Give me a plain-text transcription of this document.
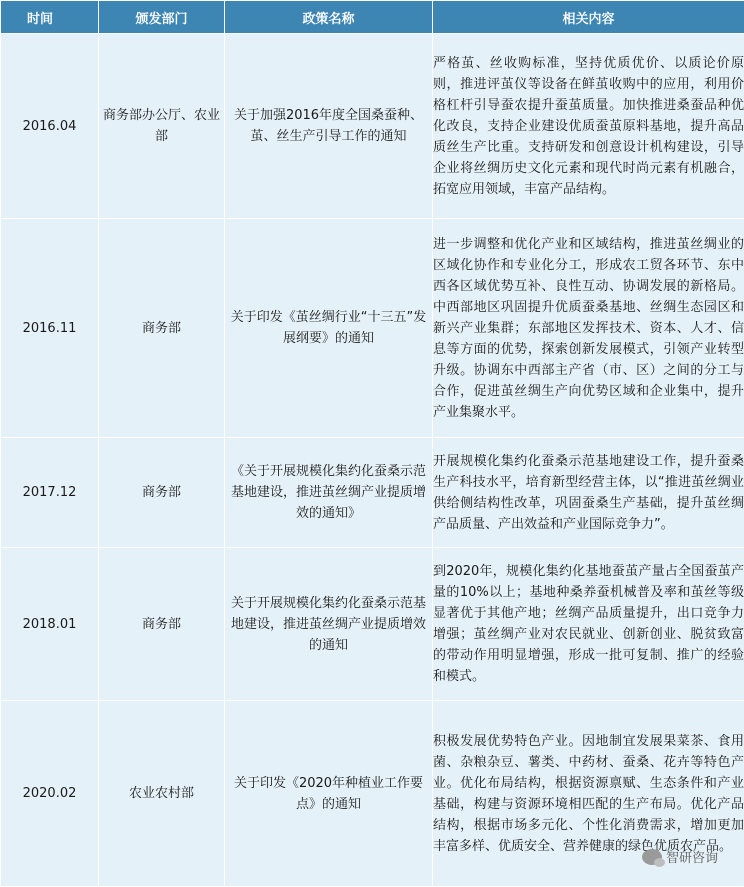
时间	颁发部门	政策名称	相关内容
2016.04	商务部办公厅、农业部	关于加强2016年度全国桑蚕种、茧、丝生产引导工作的通知	严格茧、丝收购标准，坚持优质优价、以质论价原则，推进评茧仪等设备在鲜茧收购中的应用，利用价格杠杆引导蚕农提升蚕茧质量。加快推进桑蚕品种优化改良，支持企业建设优质蚕茧原料基地，提升高品质丝生产比重。支持研发和创意设计机构建设，引导企业将丝绸历史文化元素和现代时尚元素有机融合，拓宽应用领域，丰富产品结构。
2016.11	商务部	关于印发《茧丝绸行业“十三五”发展纲要》的通知	进一步调整和优化产业和区域结构，推进茧丝绸业的区域化协作和专业化分工，形成农工贸各环节、东中西各区域优势互补、良性互动、协调发展的新格局。中西部地区巩固提升优质蚕桑基地、丝绸生态园区和新兴产业集群；东部地区发挥技术、资本、人才、信息等方面的优势，探索创新发展模式，引领产业转型升级。协调东中西部主产省（市、区）之间的分工与合作，促进茧丝绸生产向优势区域和企业集中，提升产业集聚水平。
2017.12	商务部	《关于开展规模化集约化蚕桑示范基地建设，推进茧丝绸产业提质增效的通知》	开展规模化集约化蚕桑示范基地建设工作，提升蚕桑生产科技水平，培育新型经营主体，以“推进茧丝绸业供给侧结构性改革，巩固蚕桑生产基础，提升茧丝绸产品质量、产出效益和产业国际竞争力”。
2018.01	商务部	关于开展规模化集约化蚕桑示范基地建设，推进茧丝绸产业提质增效的通知	到2020年，规模化集约化基地蚕茧产量占全国蚕茧产量的10%以上；基地种桑养蚕机械普及率和茧丝等级显著优于其他产地；丝绸产品质量提升，出口竞争力增强；茧丝绸产业对农民就业、创新创业、脱贫致富的带动作用明显增强，形成一批可复制、推广的经验和模式。
2020.02	农业农村部	关于印发《2020年种植业工作要点》的通知	积极发展优势特色产业。因地制宜发展果菜茶、食用菌、杂粮杂豆、薯类、中药材、蚕桑、花卉等特色产业。优化布局结构，根据资源禀赋、生态条件和产业基础，构建与资源环境相匹配的生产布局。优化产品结构，根据市场多元化、个性化消费需求，增加更加丰富多样、优质安全、营养健康的绿色优质农产品。
智研咨询
